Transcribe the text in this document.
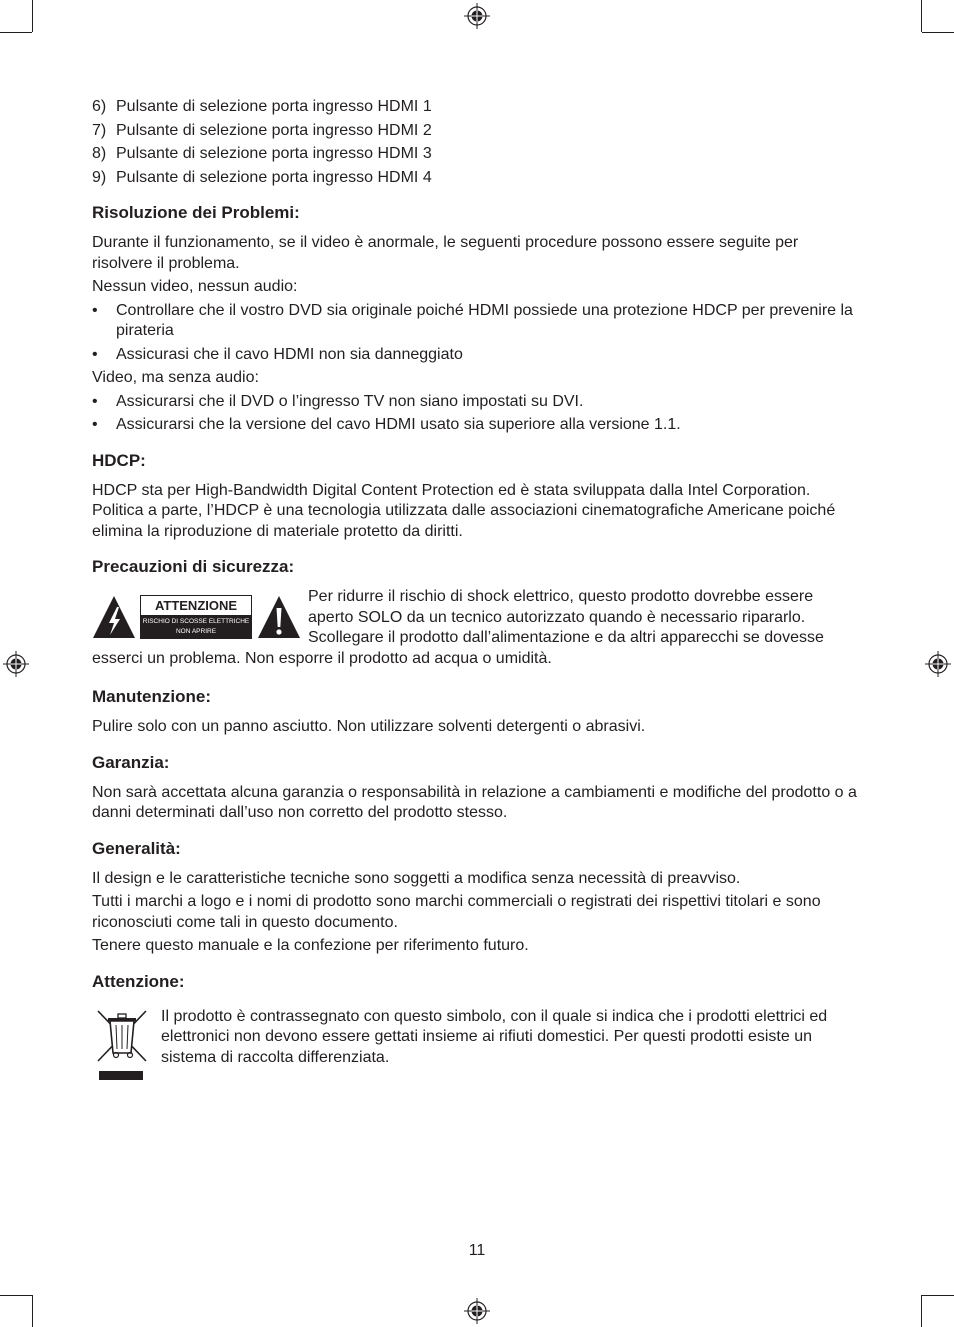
6) Pulsante di selezione porta ingresso HDMI 1
7) Pulsante di selezione porta ingresso HDMI 2
8) Pulsante di selezione porta ingresso HDMI 3
9) Pulsante di selezione porta ingresso HDMI 4
Risoluzione dei Problemi:

Durante il funzionamento, se il video è anormale, le seguenti procedure possono essere seguite per risolvere il problema.

Nessun video, nessun audio:

•	Controllare che il vostro DVD sia originale poiché HDMI possiede una protezione HDCP per prevenire la pirateria
•	Assicurasi che il cavo HDMI non sia danneggiato

Video, ma senza audio:

•	Assicurarsi che il DVD o l’ingresso TV non siano impostati su DVI.
•	Assicurarsi che la versione del cavo HDMI usato sia superiore alla versione 1.1.
HDCP:

HDCP sta per High-Bandwidth Digital Content Protection ed è stata sviluppata dalla Intel Corporation. Politica a parte, l’HDCP è una tecnologia utilizzata dalle associazioni cinematografiche Americane poiché elimina la riproduzione di materiale protetto da diritti.

Precauzioni di sicurezza:
ATTENZIONE
RISCHIO DI SCOSSE ELETTRICHE
NON APRIRE

Per ridurre il rischio di shock elettrico, questo prodotto dovrebbe essere aperto SOLO da un tecnico autorizzato quando è necessario ripararlo. Scollegare il prodotto dall’alimentazione e da altri apparecchi se dovesse esserci un problema. Non esporre il prodotto ad acqua o umidità.

Manutenzione:

Pulire solo con un panno asciutto. Non utilizzare solventi detergenti o abrasivi.

Garanzia:

Non sarà accettata alcuna garanzia o responsabilità in relazione a cambiamenti e modifiche del prodotto o a danni determinati dall’uso non corretto del prodotto stesso.

Generalità:

Il design e le caratteristiche tecniche sono soggetti a modifica senza necessità di preavviso.

Tutti i marchi a logo e i nomi di prodotto sono marchi commerciali o registrati dei rispettivi titolari e sono riconosciuti come tali in questo documento.

Tenere questo manuale e la confezione per riferimento futuro.

Attenzione:

Il prodotto è contrassegnato con questo simbolo, con il quale si indica che i prodotti elettrici ed elettronici non devono essere gettati insieme ai rifiuti domestici. Per questi prodotti esiste un sistema di raccolta differenziata.

11
